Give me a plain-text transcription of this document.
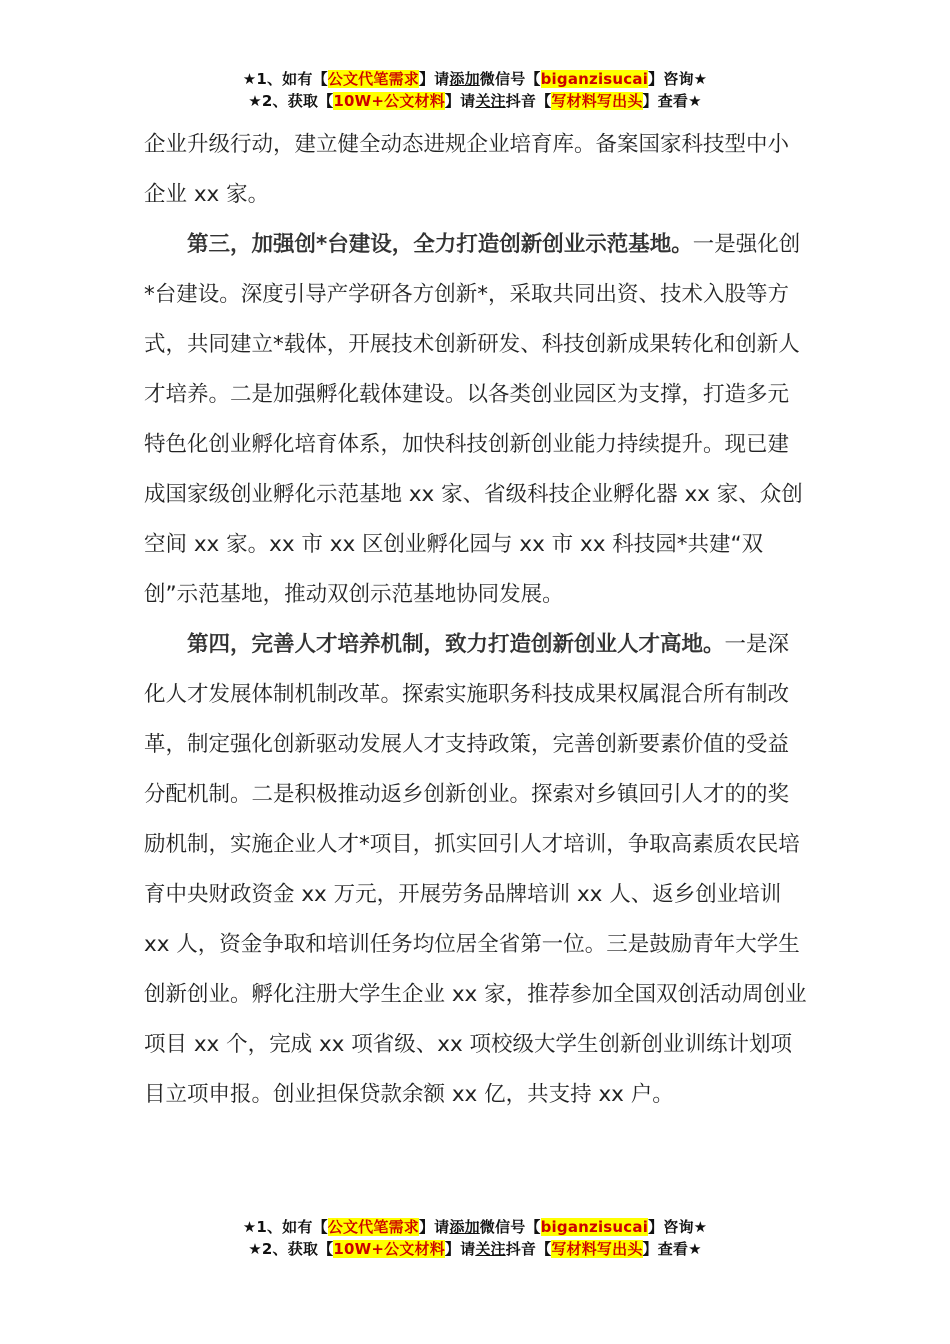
★1、如有【公文代笔需求】请添加微信号【biganzisucai】咨询★
★2、获取【10W+公文材料】请关注抖音【写材料写出头】查看★

企业升级行动，建立健全动态进规企业培育库。备案国家科技型中小企业 xx 家。

第三，加强创*台建设，全力打造创新创业示范基地。一是强化创*台建设。深度引导产学研各方创新*，采取共同出资、技术入股等方式，共同建立*载体，开展技术创新研发、科技创新成果转化和创新人才培养。二是加强孵化载体建设。以各类创业园区为支撑，打造多元特色化创业孵化培育体系，加快科技创新创业能力持续提升。现已建成国家级创业孵化示范基地 xx 家、省级科技企业孵化器 xx 家、众创空间 xx 家。xx 市 xx 区创业孵化园与 xx 市 xx 科技园*共建“双创”示范基地，推动双创示范基地协同发展。

第四，完善人才培养机制，致力打造创新创业人才高地。一是深化人才发展体制机制改革。探索实施职务科技成果权属混合所有制改革，制定强化创新驱动发展人才支持政策，完善创新要素价值的受益分配机制。二是积极推动返乡创新创业。探索对乡镇回引人才的的奖励机制，实施企业人才*项目，抓实回引人才培训，争取高素质农民培育中央财政资金 xx 万元，开展劳务品牌培训 xx 人、返乡创业培训 xx 人，资金争取和培训任务均位居全省第一位。三是鼓励青年大学生创新创业。孵化注册大学生企业 xx 家，推荐参加全国双创活动周创业项目 xx 个，完成 xx 项省级、xx 项校级大学生创新创业训练计划项目立项申报。创业担保贷款余额 xx 亿，共支持 xx 户。

★1、如有【公文代笔需求】请添加微信号【biganzisucai】咨询★
★2、获取【10W+公文材料】请关注抖音【写材料写出头】查看★
